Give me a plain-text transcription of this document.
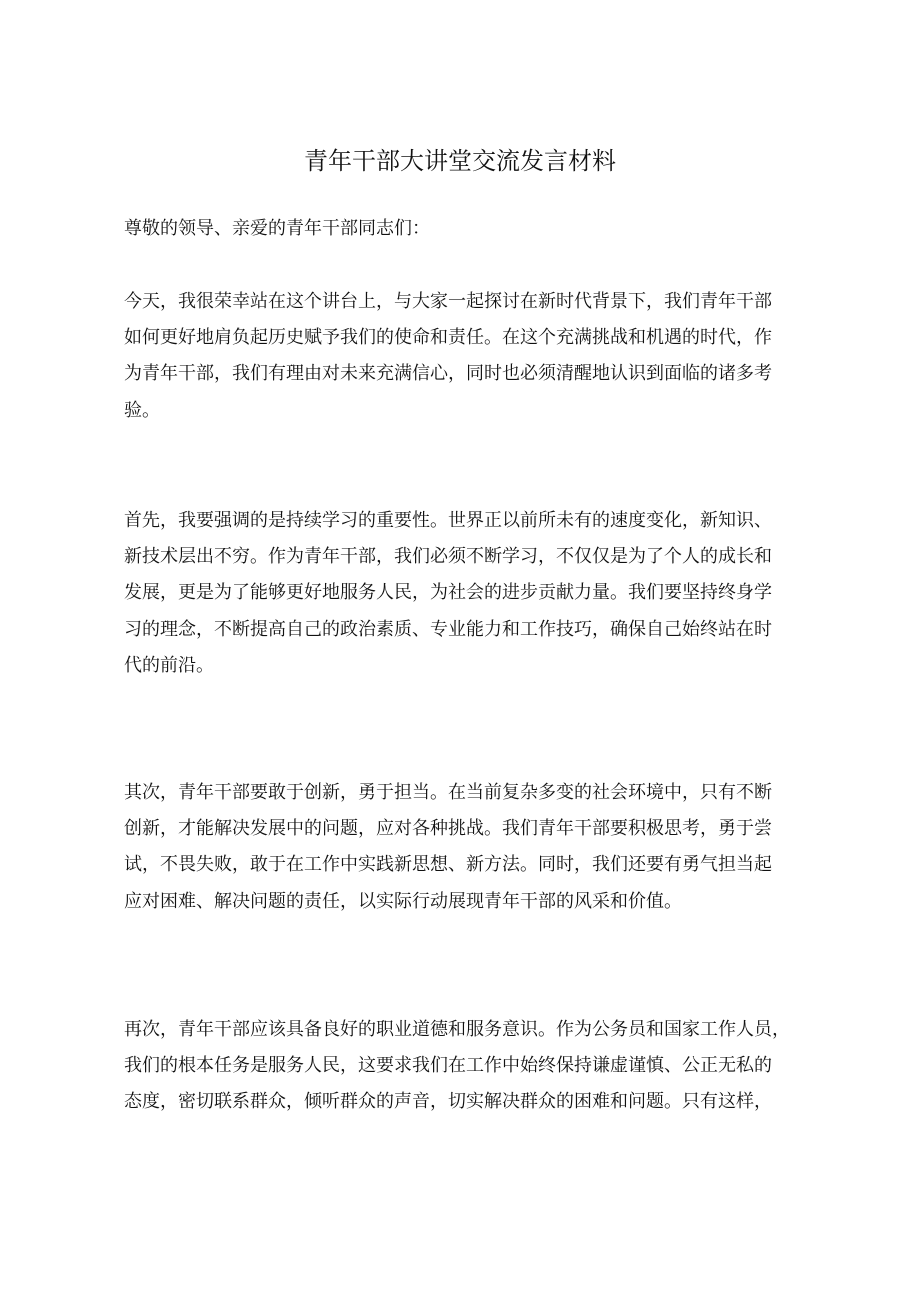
青年干部大讲堂交流发言材料

尊敬的领导、亲爱的青年干部同志们：

今天，我很荣幸站在这个讲台上，与大家一起探讨在新时代背景下，我们青年干部
如何更好地肩负起历史赋予我们的使命和责任。在这个充满挑战和机遇的时代，作
为青年干部，我们有理由对未来充满信心，同时也必须清醒地认识到面临的诸多考
验。

首先，我要强调的是持续学习的重要性。世界正以前所未有的速度变化，新知识、
新技术层出不穷。作为青年干部，我们必须不断学习，不仅仅是为了个人的成长和
发展，更是为了能够更好地服务人民，为社会的进步贡献力量。我们要坚持终身学
习的理念，不断提高自己的政治素质、专业能力和工作技巧，确保自己始终站在时
代的前沿。

其次，青年干部要敢于创新，勇于担当。在当前复杂多变的社会环境中，只有不断
创新，才能解决发展中的问题，应对各种挑战。我们青年干部要积极思考，勇于尝
试，不畏失败，敢于在工作中实践新思想、新方法。同时，我们还要有勇气担当起
应对困难、解决问题的责任，以实际行动展现青年干部的风采和价值。

再次，青年干部应该具备良好的职业道德和服务意识。作为公务员和国家工作人员，
我们的根本任务是服务人民，这要求我们在工作中始终保持谦虚谨慎、公正无私的
态度，密切联系群众，倾听群众的声音，切实解决群众的困难和问题。只有这样，
